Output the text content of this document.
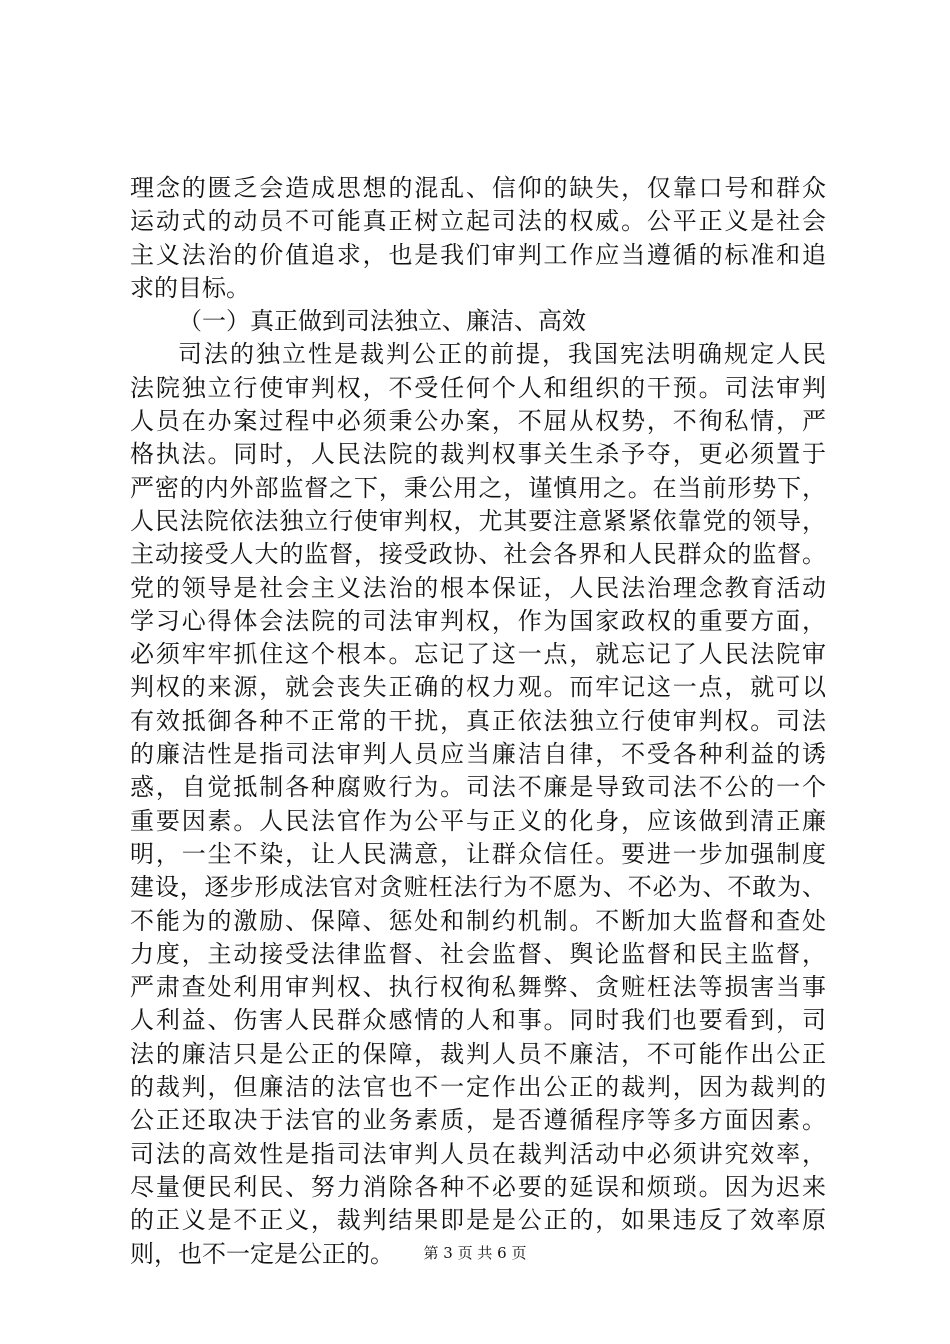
理念的匮乏会造成思想的混乱、信仰的缺失，仅靠口号和群众
运动式的动员不可能真正树立起司法的权威。公平正义是社会
主义法治的价值追求，也是我们审判工作应当遵循的标准和追
求的目标。
（一）真正做到司法独立、廉洁、高效
司法的独立性是裁判公正的前提，我国宪法明确规定人民
法院独立行使审判权，不受任何个人和组织的干预。司法审判
人员在办案过程中必须秉公办案，不屈从权势，不徇私情，严
格执法。同时，人民法院的裁判权事关生杀予夺，更必须置于
严密的内外部监督之下，秉公用之，谨慎用之。在当前形势下，
人民法院依法独立行使审判权，尤其要注意紧紧依靠党的领导，
主动接受人大的监督，接受政协、社会各界和人民群众的监督。
党的领导是社会主义法治的根本保证，人民法治理念教育活动
学习心得体会法院的司法审判权，作为国家政权的重要方面，
必须牢牢抓住这个根本。忘记了这一点，就忘记了人民法院审
判权的来源，就会丧失正确的权力观。而牢记这一点，就可以
有效抵御各种不正常的干扰，真正依法独立行使审判权。司法
的廉洁性是指司法审判人员应当廉洁自律，不受各种利益的诱
惑，自觉抵制各种腐败行为。司法不廉是导致司法不公的一个
重要因素。人民法官作为公平与正义的化身，应该做到清正廉
明，一尘不染，让人民满意，让群众信任。要进一步加强制度
建设，逐步形成法官对贪赃枉法行为不愿为、不必为、不敢为、
不能为的激励、保障、惩处和制约机制。不断加大监督和查处
力度，主动接受法律监督、社会监督、舆论监督和民主监督，
严肃查处利用审判权、执行权徇私舞弊、贪赃枉法等损害当事
人利益、伤害人民群众感情的人和事。同时我们也要看到，司
法的廉洁只是公正的保障，裁判人员不廉洁，不可能作出公正
的裁判，但廉洁的法官也不一定作出公正的裁判，因为裁判的
公正还取决于法官的业务素质，是否遵循程序等多方面因素。
司法的高效性是指司法审判人员在裁判活动中必须讲究效率，
尽量便民利民、努力消除各种不必要的延误和烦琐。因为迟来
的正义是不正义，裁判结果即是是公正的，如果违反了效率原
则，也不一定是公正的。	第 3 页 共 6 页
